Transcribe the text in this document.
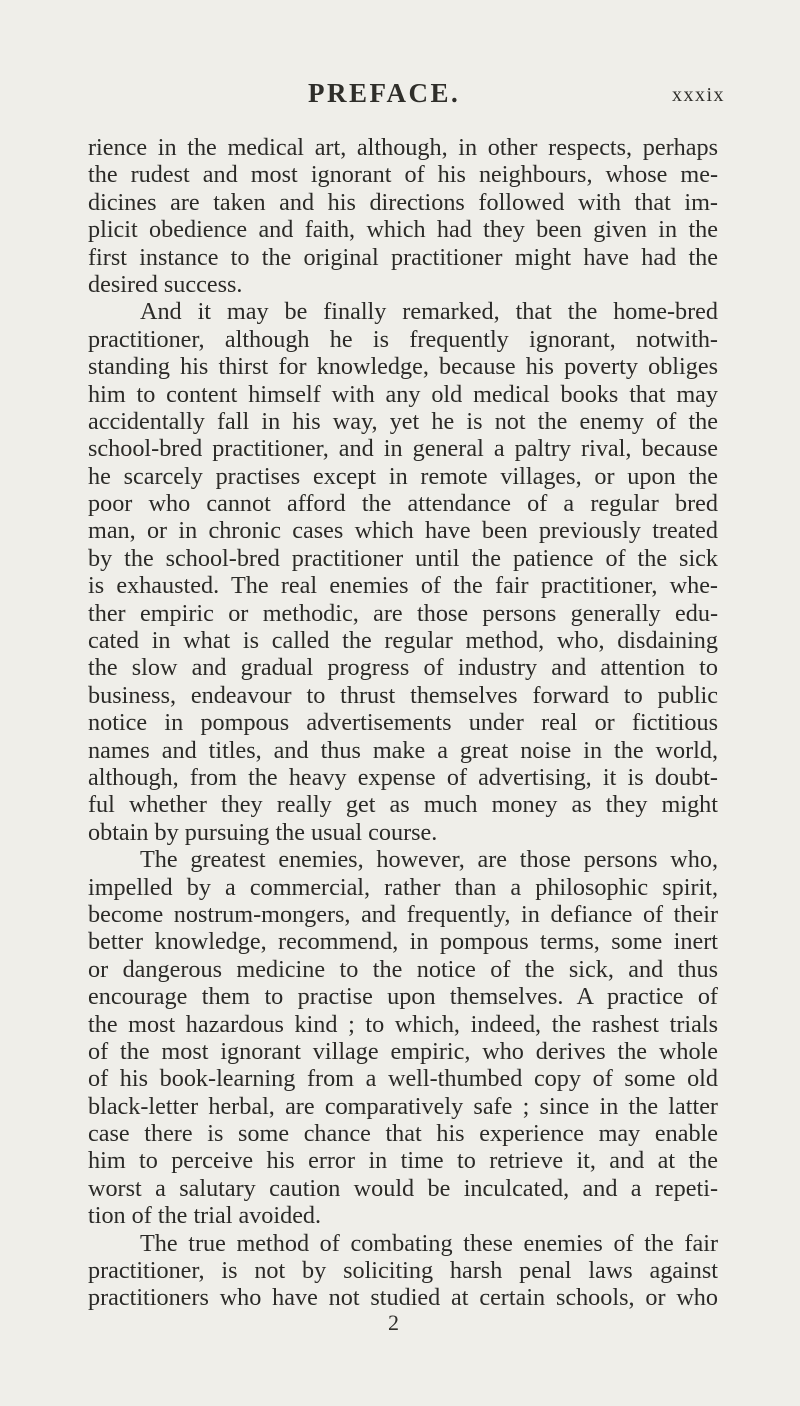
PREFACE.	xxxix
rience in the medical art, although, in other respects, perhaps
the rudest and most ignorant of his neighbours, whose me-
dicines are taken and his directions followed with that im-
plicit obedience and faith, which had they been given in the
first instance to the original practitioner might have had the
desired success.
And it may be finally remarked, that the home-bred
practitioner, although he is frequently ignorant, notwith-
standing his thirst for knowledge, because his poverty obliges
him to content himself with any old medical books that may
accidentally fall in his way, yet he is not the enemy of the
school-bred practitioner, and in general a paltry rival, because
he scarcely practises except in remote villages, or upon the
poor who cannot afford the attendance of a regular bred
man, or in chronic cases which have been previously treated
by the school-bred practitioner until the patience of the sick
is exhausted. The real enemies of the fair practitioner, whe-
ther empiric or methodic, are those persons generally edu-
cated in what is called the regular method, who, disdaining
the slow and gradual progress of industry and attention to
business, endeavour to thrust themselves forward to public
notice in pompous advertisements under real or fictitious
names and titles, and thus make a great noise in the world,
although, from the heavy expense of advertising, it is doubt-
ful whether they really get as much money as they might
obtain by pursuing the usual course.
The greatest enemies, however, are those persons who,
impelled by a commercial, rather than a philosophic spirit,
become nostrum-mongers, and frequently, in defiance of their
better knowledge, recommend, in pompous terms, some inert
or dangerous medicine to the notice of the sick, and thus
encourage them to practise upon themselves. A practice of
the most hazardous kind ; to which, indeed, the rashest trials
of the most ignorant village empiric, who derives the whole
of his book-learning from a well-thumbed copy of some old
black-letter herbal, are comparatively safe ; since in the latter
case there is some chance that his experience may enable
him to perceive his error in time to retrieve it, and at the
worst a salutary caution would be inculcated, and a repeti-
tion of the trial avoided.
The true method of combating these enemies of the fair
practitioner, is not by soliciting harsh penal laws against
practitioners who have not studied at certain schools, or who
2
